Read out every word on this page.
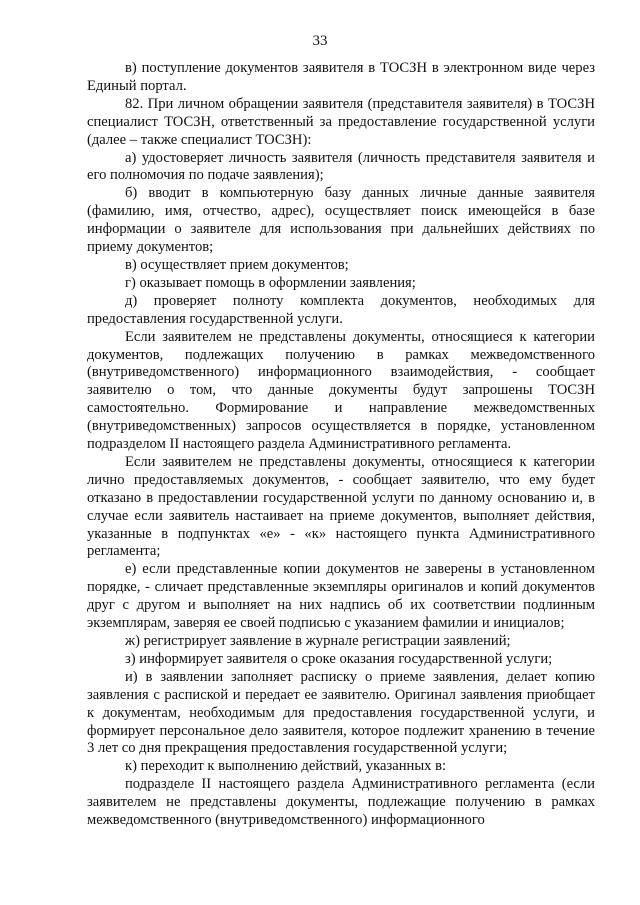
33

в) поступление документов заявителя в ТОСЗН в электронном виде через Единый портал.

82. При личном обращении заявителя (представителя заявителя) в ТОСЗН специалист ТОСЗН, ответственный за предоставление государственной услуги (далее – также специалист ТОСЗН):

а) удостоверяет личность заявителя (личность представителя заявителя и его полномочия по подаче заявления);

б) вводит в компьютерную базу данных личные данные заявителя (фамилию, имя, отчество, адрес), осуществляет поиск имеющейся в базе информации о заявителе для использования при дальнейших действиях по приему документов;

в) осуществляет прием документов;

г) оказывает помощь в оформлении заявления;

д) проверяет полноту комплекта документов, необходимых для предоставления государственной услуги.

Если заявителем не представлены документы, относящиеся к категории документов, подлежащих получению в рамках межведомственного (внутриведомственного) информационного взаимодействия, - сообщает заявителю о том, что данные документы будут запрошены ТОСЗН самостоятельно. Формирование и направление межведомственных (внутриведомственных) запросов осуществляется в порядке, установленном подразделом II настоящего раздела Административного регламента.

Если заявителем не представлены документы, относящиеся к категории лично предоставляемых документов, - сообщает заявителю, что ему будет отказано в предоставлении государственной услуги по данному основанию и, в случае если заявитель настаивает на приеме документов, выполняет действия, указанные в подпунктах «е» - «к» настоящего пункта Административного регламента;

е) если представленные копии документов не заверены в установленном порядке, - сличает представленные экземпляры оригиналов и копий документов друг с другом и выполняет на них надпись об их соответствии подлинным экземплярам, заверяя ее своей подписью с указанием фамилии и инициалов;

ж) регистрирует заявление в журнале регистрации заявлений;

з) информирует заявителя о сроке оказания государственной услуги;

и) в заявлении заполняет расписку о приеме заявления, делает копию заявления с распиской и передает ее заявителю. Оригинал заявления приобщает к документам, необходимым для предоставления государственной услуги, и формирует персональное дело заявителя, которое подлежит хранению в течение 3 лет со дня прекращения предоставления государственной услуги;

к) переходит к выполнению действий, указанных в:

подразделе II настоящего раздела Административного регламента (если заявителем не представлены документы, подлежащие получению в рамках межведомственного (внутриведомственного) информационного
